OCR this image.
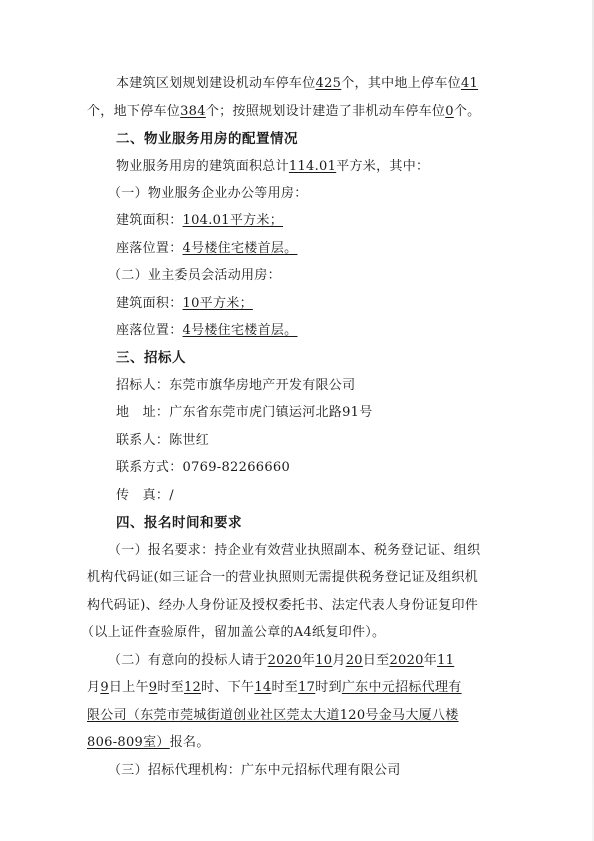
本建筑区划规划建设机动车停车位425个，其中地上停车位41
个，地下停车位384个；按照规划设计建造了非机动车停车位0个。
二、物业服务用房的配置情况
物业服务用房的建筑面积总计114.01平方米，其中：
（一）物业服务企业办公等用房：
建筑面积：104.01平方米；
座落位置：4号楼住宅楼首层。
（二）业主委员会活动用房：
建筑面积：10平方米；
座落位置：4号楼住宅楼首层。
三、招标人
招标人：东莞市旗华房地产开发有限公司
地　址：广东省东莞市虎门镇运河北路91号
联系人：陈世红
联系方式：0769-82266660
传　真：/
四、报名时间和要求
（一）报名要求：持企业有效营业执照副本、税务登记证、组织
机构代码证(如三证合一的营业执照则无需提供税务登记证及组织机
构代码证)、经办人身份证及授权委托书、法定代表人身份证复印件
（以上证件查验原件，留加盖公章的A4纸复印件）。
（二）有意向的投标人请于2020年10月20日至2020年11
月9日上午9时至12时、下午14时至17时到广东中元招标代理有
限公司（东莞市莞城街道创业社区莞太大道120号金马大厦八楼
806-809室）报名。
（三）招标代理机构：广东中元招标代理有限公司
